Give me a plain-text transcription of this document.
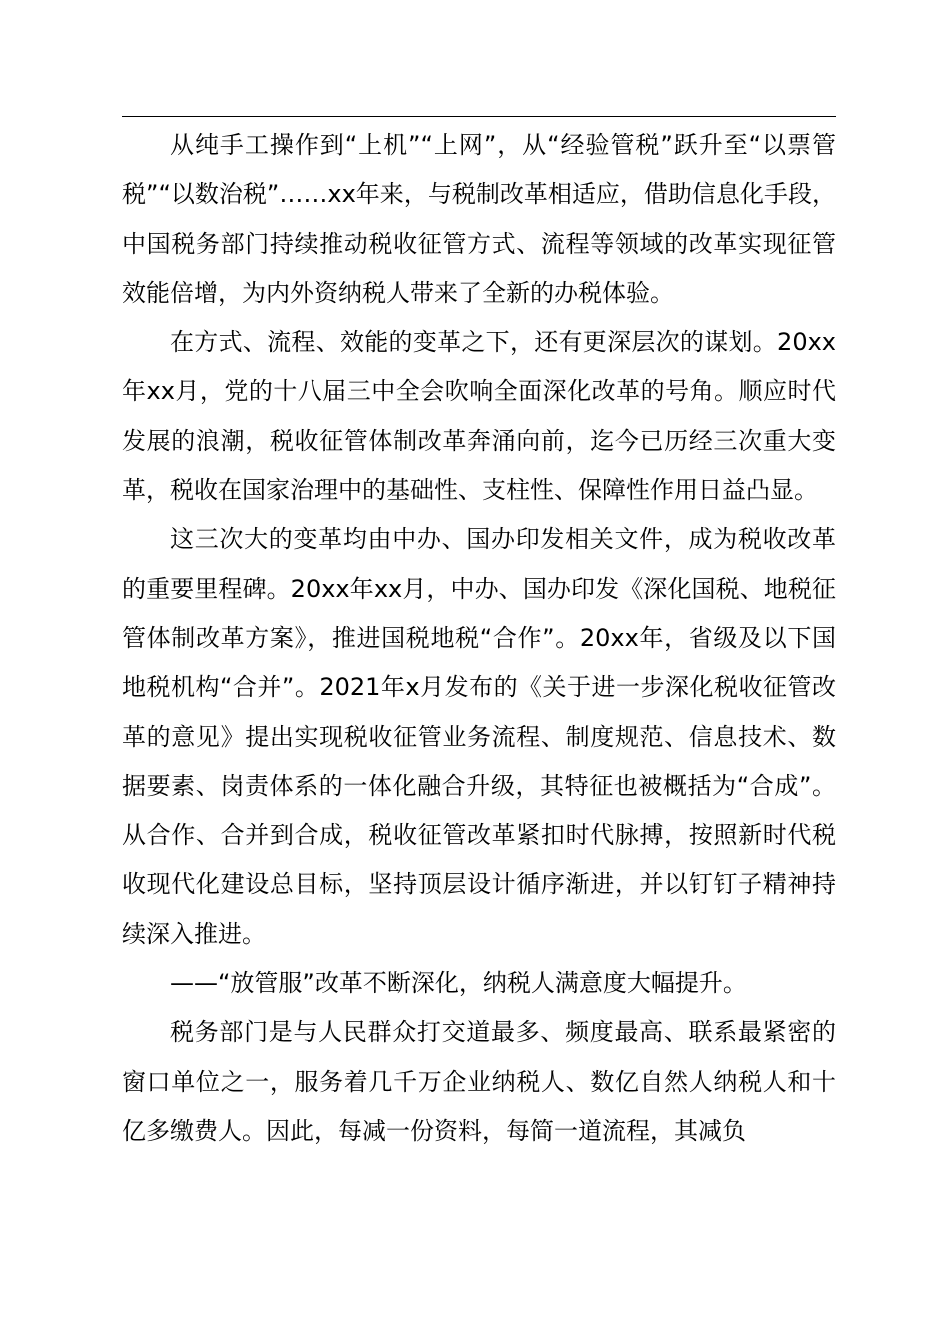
从纯手工操作到“上机”“上网”，从“经验管税”跃升至“以票管税”“以数治税”……xx年来，与税制改革相适应，借助信息化手段，中国税务部门持续推动税收征管方式、流程等领域的改革实现征管效能倍增，为内外资纳税人带来了全新的办税体验。

在方式、流程、效能的变革之下，还有更深层次的谋划。20xx年xx月，党的十八届三中全会吹响全面深化改革的号角。顺应时代发展的浪潮，税收征管体制改革奔涌向前，迄今已历经三次重大变革，税收在国家治理中的基础性、支柱性、保障性作用日益凸显。

这三次大的变革均由中办、国办印发相关文件，成为税收改革的重要里程碑。20xx年xx月，中办、国办印发《深化国税、地税征管体制改革方案》，推进国税地税“合作”。20xx年，省级及以下国地税机构“合并”。2021年x月发布的《关于进一步深化税收征管改革的意见》提出实现税收征管业务流程、制度规范、信息技术、数据要素、岗责体系的一体化融合升级，其特征也被概括为“合成”。从合作、合并到合成，税收征管改革紧扣时代脉搏，按照新时代税收现代化建设总目标，坚持顶层设计循序渐进，并以钉钉子精神持续深入推进。

——“放管服”改革不断深化，纳税人满意度大幅提升。

税务部门是与人民群众打交道最多、频度最高、联系最紧密的窗口单位之一，服务着几千万企业纳税人、数亿自然人纳税人和十亿多缴费人。因此，每减一份资料，每简一道流程，其减负
